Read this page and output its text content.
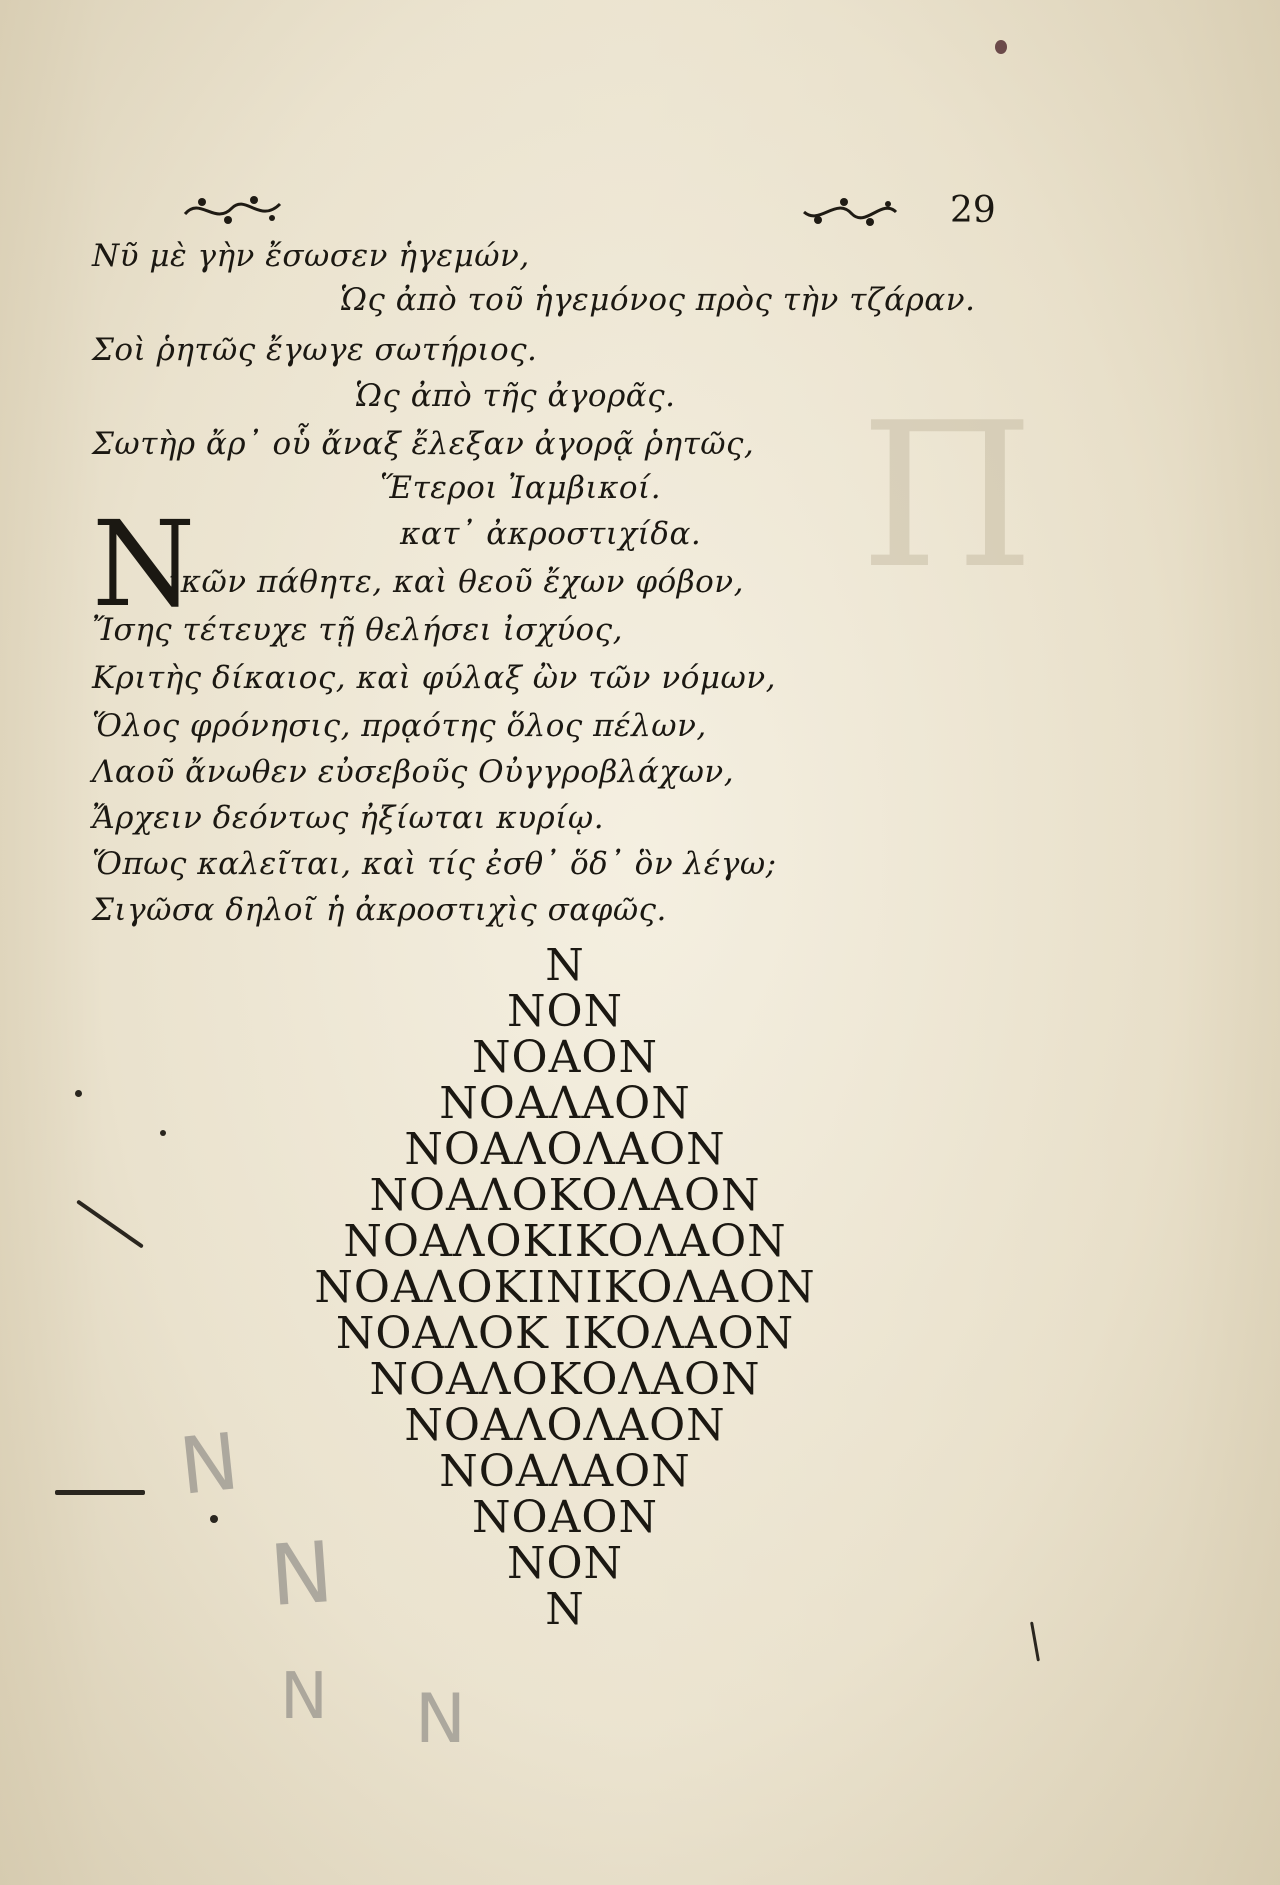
Π
29
Νῦ μὲ γὴν ἔσωσεν ἡγεμών,
Ὡς ἀπὸ τοῦ ἡγεμόνος πρὸς τὴν τζάραν.
Σοὶ ῥητῶς ἔγωγε σωτήριος.
Ὡς ἀπὸ τῆς ἀγορᾶς.
Σωτὴρ ἄρ᾽ οὗ ἄναξ ἔλεξαν ἀγορᾷ ῥητῶς,
Ἕτεροι Ἰαμβικοί.
κατ᾽ ἀκροστιχίδα.
N
ικῶν πάθητε, καὶ θεοῦ ἔχων φόβον,
Ἴσης τέτευχε τῇ θελήσει ἰσχύος,
Κριτὴς δίκαιος, καὶ φύλαξ ὢν τῶν νόμων,
Ὅλος φρόνησις, πρᾳότης ὅλος πέλων,
Λαοῦ ἄνωθεν εὐσεβοῦς Οὐγγροβλάχων,
Ἄρχειν δεόντως ἠξίωται κυρίῳ.
Ὅπως καλεῖται, καὶ τίς ἐσθ᾽ ὅδ᾽ ὃν λέγω;
Σιγῶσα δηλοῖ ἡ ἀκροστιχὶς σαφῶς.
N
NON
NOAON
NOAΛAON
NOAΛOΛAON
NOAΛOKOΛAON
NOAΛOKIKOΛAON
NOAΛOKINIKOΛAON
NOAΛOK IKOΛAON
NOAΛOKOΛAON
NOAΛOΛAON
NOAΛAON
NOAON
NON
N
N
N
N N
